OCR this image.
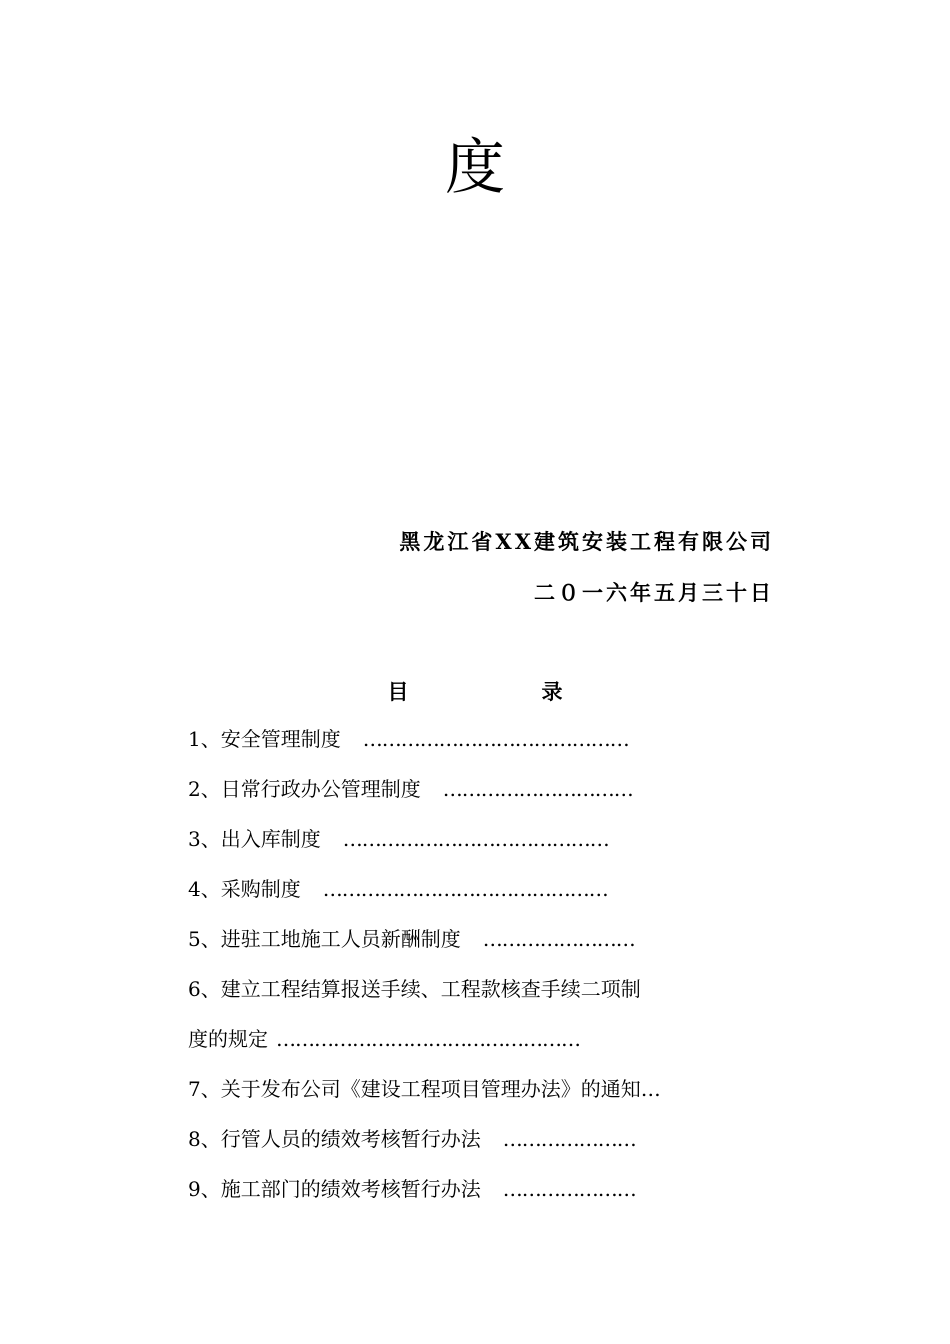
度
黑龙江省XX建筑安装工程有限公司
二０一六年五月三十日
目　录
1、安全管理制度 ……………………………………
2、日常行政办公管理制度 …………………………
3、出入库制度 ……………………………………
4、采购制度 ………………………………………
5、进驻工地施工人员新酬制度 ……………………
6、建立工程结算报送手续、工程款核查手续二项制
度的规定 …………………………………………
7、关于发布公司《建设工程项目管理办法》的通知…
8、行管人员的绩效考核暂行办法 …………………
9、施工部门的绩效考核暂行办法 …………………
